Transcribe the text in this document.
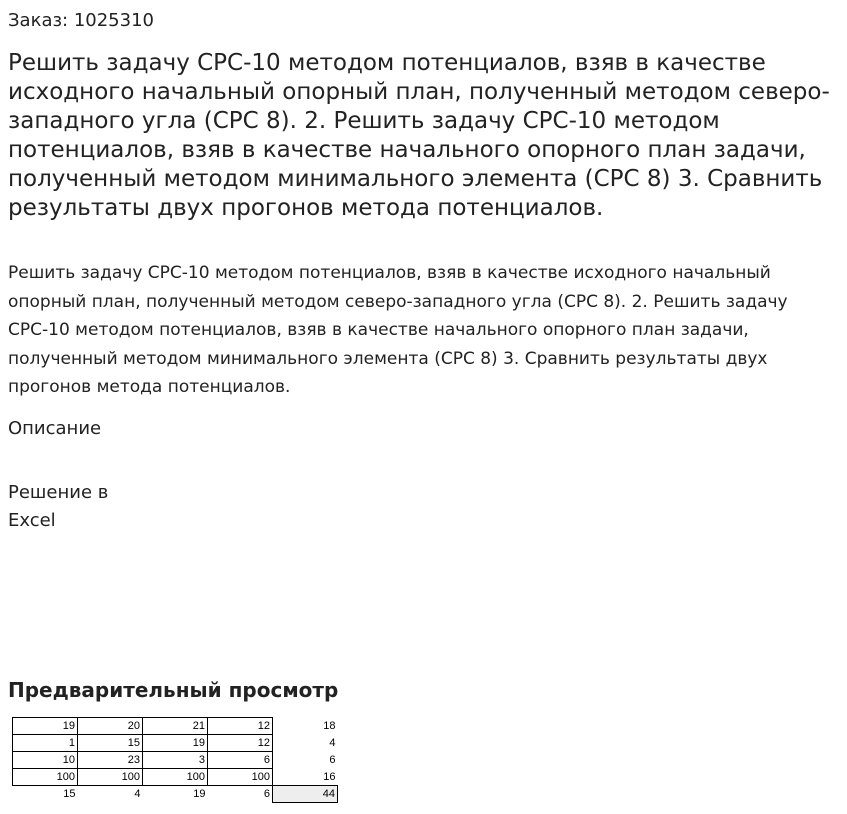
Заказ: 1025310
Решить задачу СРС-10 методом потенциалов, взяв в качестве исходного начальный опорный план, полученный методом северо-западного угла (СРС 8). 2. Решить задачу СРС-10 методом потенциалов, взяв в качестве начального опорного план задачи, полученный методом минимального элемента (СРС 8) 3. Сравнить результаты двух прогонов метода потенциалов.

Решить задачу СРС-10 методом потенциалов, взяв в качестве исходного начальный опорный план, полученный методом северо-западного угла (СРС 8). 2. Решить задачу СРС-10 методом потенциалов, взяв в качестве начального опорного план задачи, полученный методом минимального элемента (СРС 8) 3. Сравнить результаты двух прогонов метода потенциалов.

Описание
Решение в Excel
Предварительный просмотр
19	20	21	12	18
1	15	19	12	4
10	23	3	6	6
100	100	100	100	16
15	4	19	6	44
